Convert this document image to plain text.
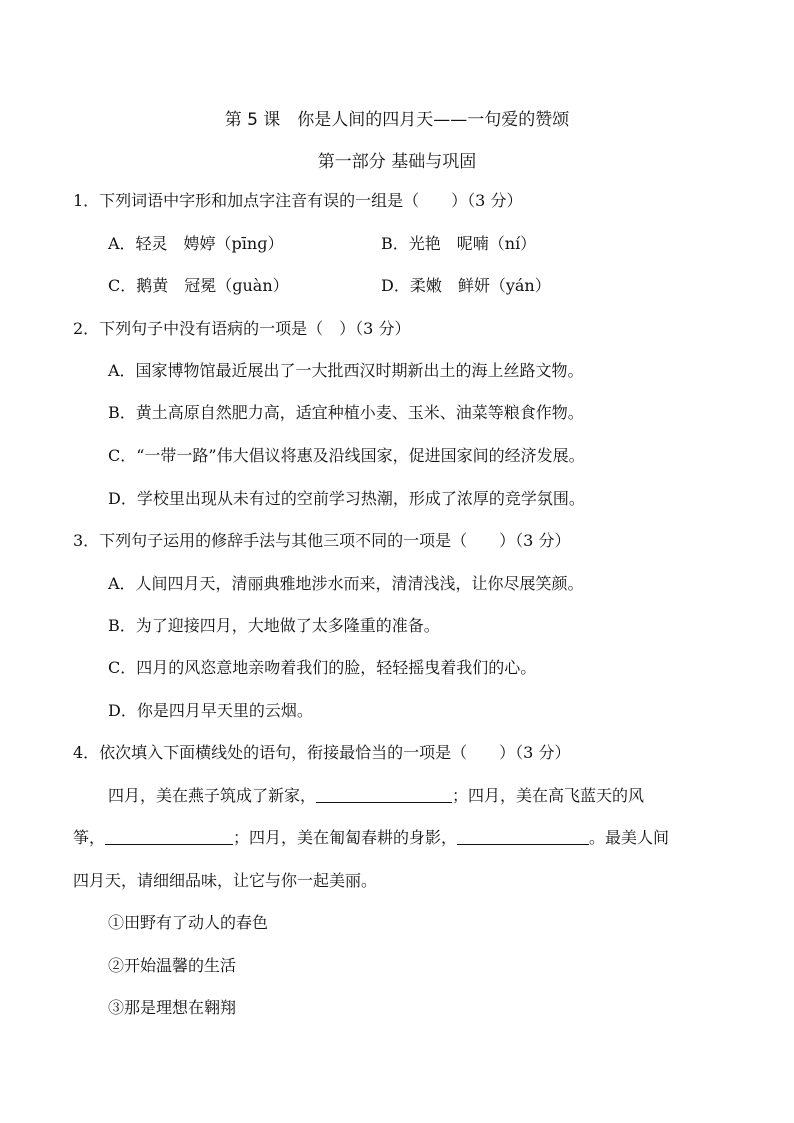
第 5 课　你是人间的四月天——一句爱的赞颂
第一部分 基础与巩固
1．下列词语中字形和加点字注音有误的一组是（　　）（3 分）
A．轻灵　娉婷（pīnɡ）	B．光艳　呢喃（ní）
C．鹅黄　冠冕（ɡuàn）	D．柔嫩　鲜妍（yán）
2．下列句子中没有语病的一项是（　）（3 分）
A．国家博物馆最近展出了一大批西汉时期新出土的海上丝路文物。
B．黄土高原自然肥力高，适宜种植小麦、玉米、油菜等粮食作物。
C．“一带一路”伟大倡议将惠及沿线国家，促进国家间的经济发展。
D．学校里出现从未有过的空前学习热潮，形成了浓厚的竞学氛围。
3．下列句子运用的修辞手法与其他三项不同的一项是（　　）（3 分）
A．人间四月天，清丽典雅地涉水而来，清清浅浅，让你尽展笑颜。
B．为了迎接四月，大地做了太多隆重的准备。
C．四月的风恣意地亲吻着我们的脸，轻轻摇曳着我们的心。
D．你是四月早天里的云烟。
4．依次填入下面横线处的语句，衔接最恰当的一项是（　　）（3 分）
四月，美在燕子筑成了新家，	；四月，美在高飞蓝天的风
筝，	；四月，美在匍匐春耕的身影，	。最美人间
四月天，请细细品味，让它与你一起美丽。
①田野有了动人的春色
②开始温馨的生活
③那是理想在翱翔
